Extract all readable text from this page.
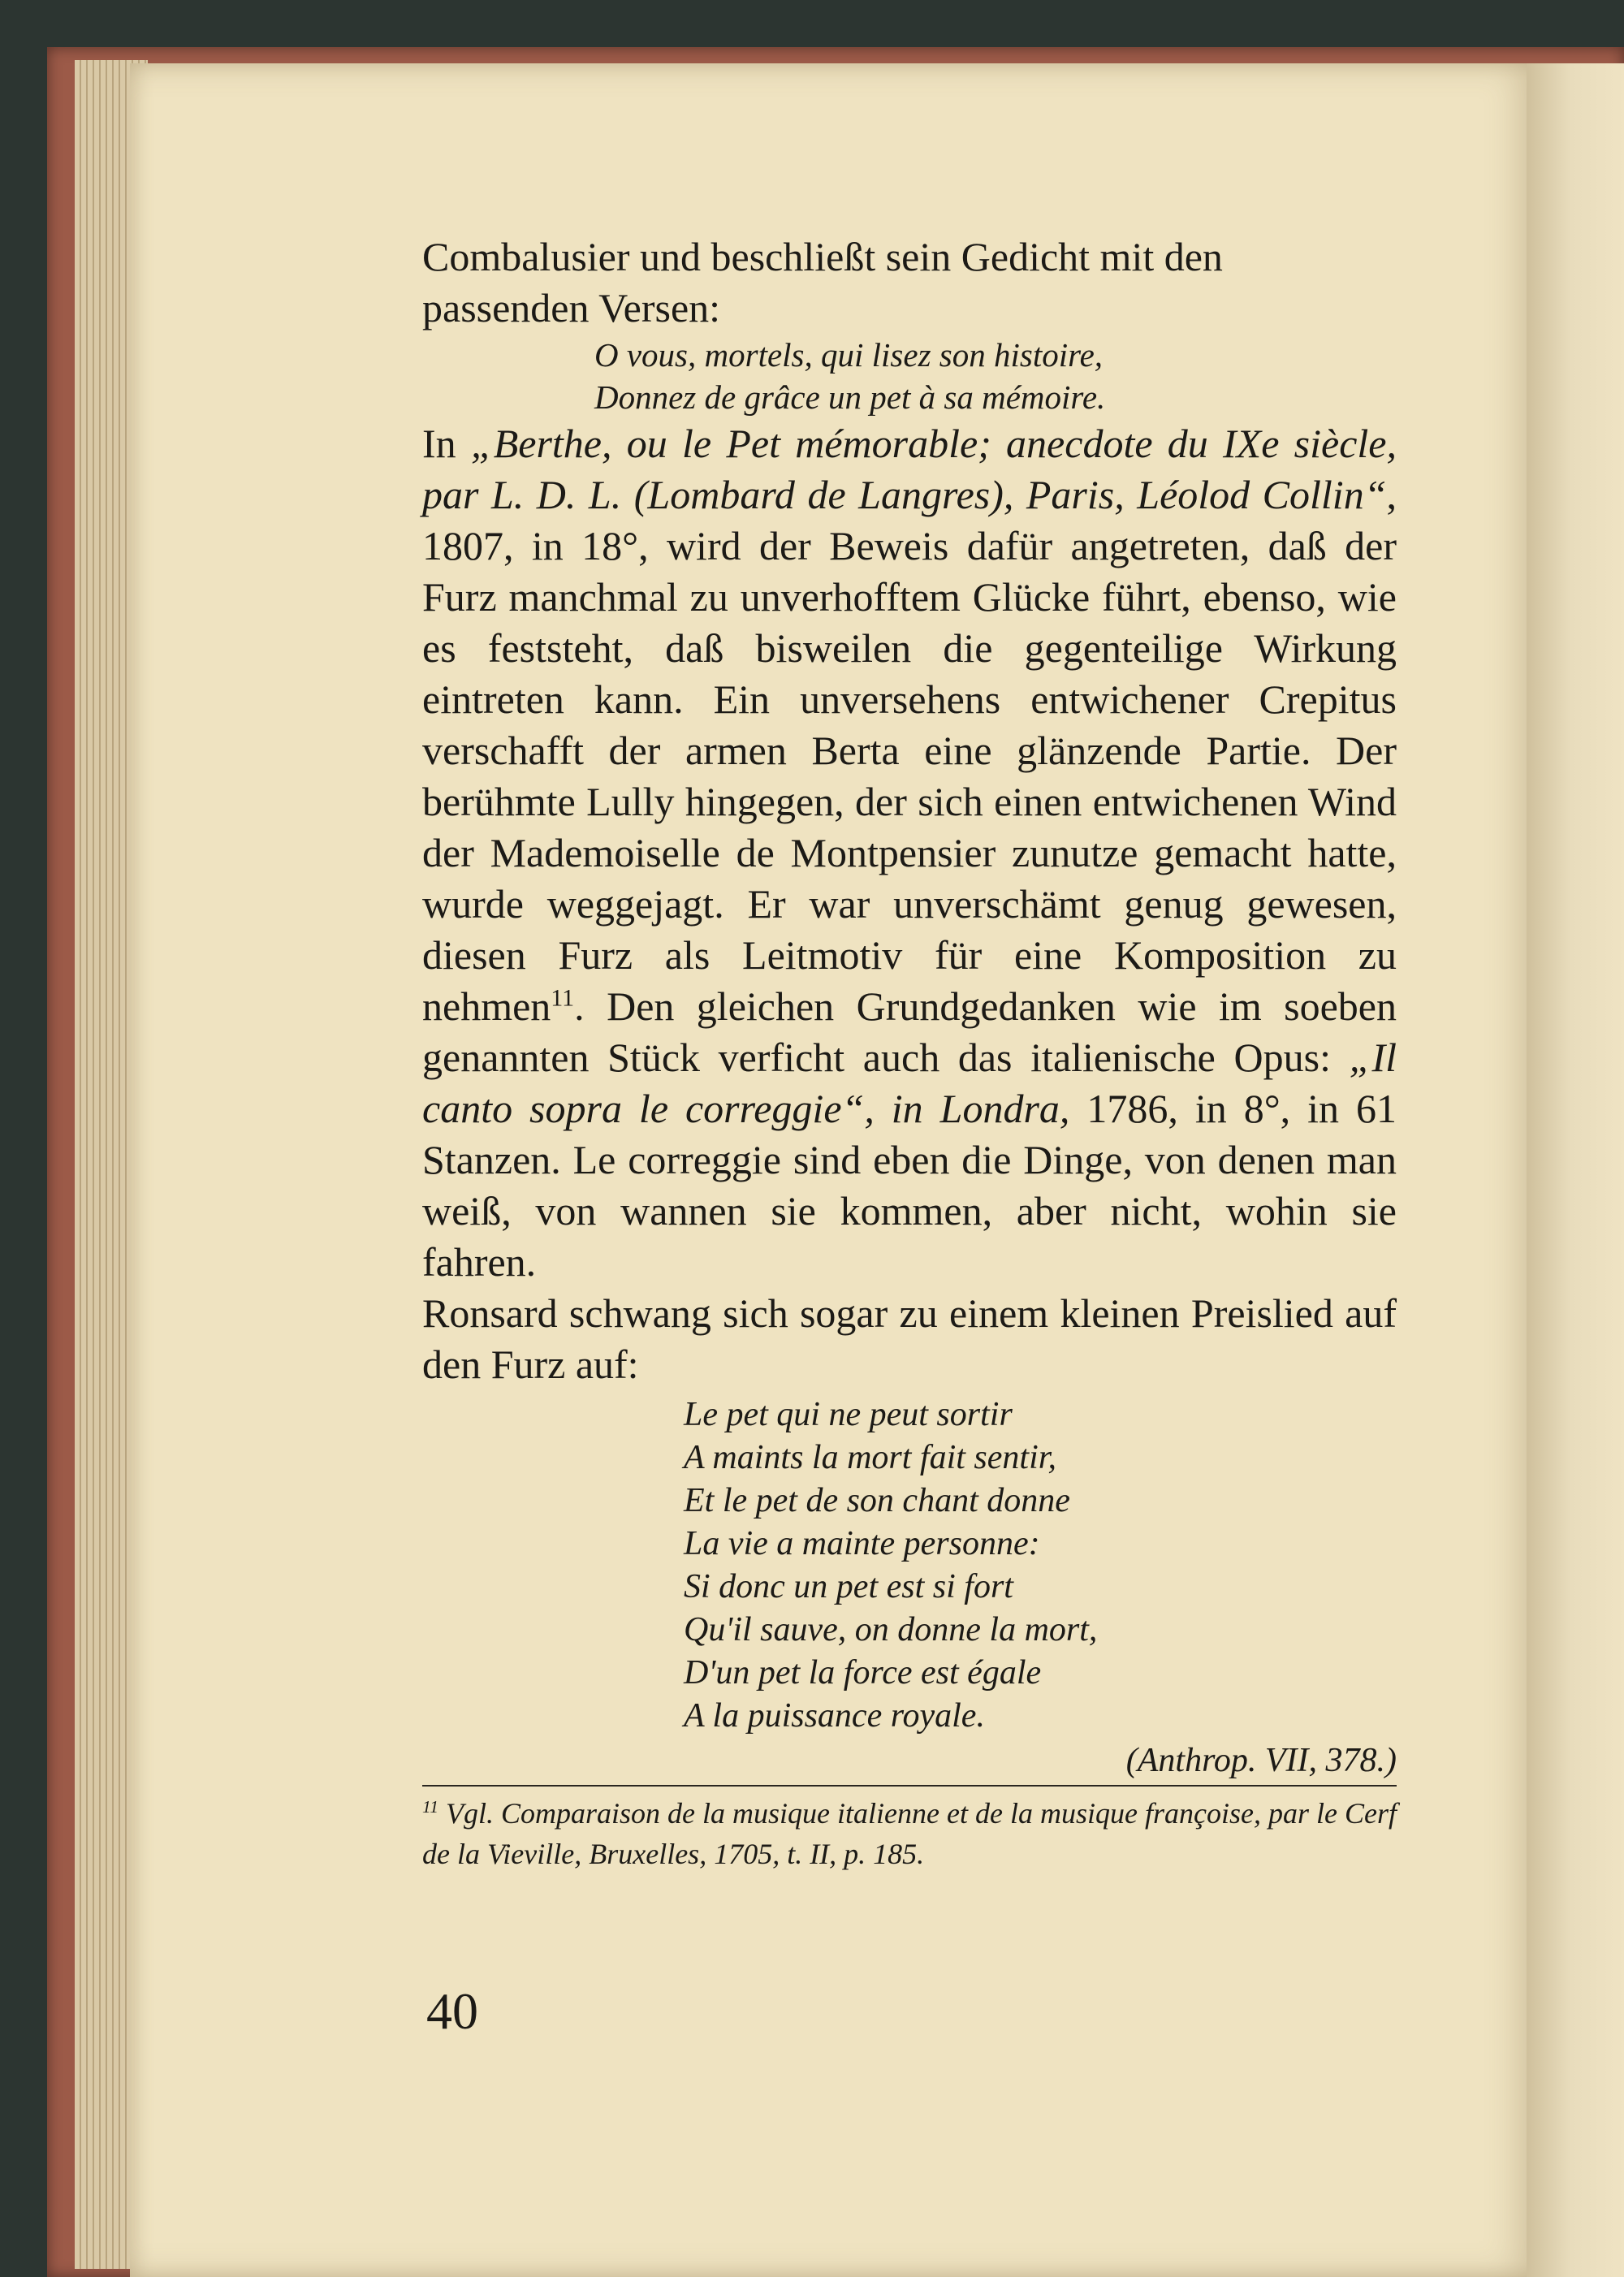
Combalusier und beschließt sein Gedicht mit den
passenden Versen:

O vous, mortels, qui lisez son histoire,
Donnez de grâce un pet à sa mémoire.

In „Berthe, ou le Pet mémorable; anecdote du IXe siècle, par L. D. L. (Lombard de Langres), Paris, Léolod Collin“, 1807, in 18°, wird der Beweis dafür angetreten, daß der Furz manchmal zu unverhofftem Glücke führt, ebenso, wie es feststeht, daß bisweilen die gegenteilige Wirkung eintreten kann. Ein unversehens entwichener Crepitus verschafft der armen Berta eine glänzende Partie. Der berühmte Lully hingegen, der sich einen entwichenen Wind der Mademoiselle de Montpensier zunutze gemacht hatte, wurde weggejagt. Er war unverschämt genug gewesen, diesen Furz als Leitmotiv für eine Komposition zu nehmen$^{11}$. Den gleichen Grundgedanken wie im soeben genannten Stück verficht auch das italienische Opus: „Il canto sopra le correggie“, in Londra, 1786, in 8°, in 61 Stanzen. Le correggie sind eben die Dinge, von denen man weiß, von wannen sie kommen, aber nicht, wohin sie fahren.

Ronsard schwang sich sogar zu einem kleinen Preislied auf den Furz auf:

Le pet qui ne peut sortir
A maints la mort fait sentir,
Et le pet de son chant donne
La vie a mainte personne:
Si donc un pet est si fort
Qu'il sauve, on donne la mort,
D'un pet la force est égale
A la puissance royale.

(Anthrop. VII, 378.)

$^{11}$ Vgl. Comparaison de la musique italienne et de la musique françoise, par le Cerf de la Vieville, Bruxelles, 1705, t. II, p. 185.

40
